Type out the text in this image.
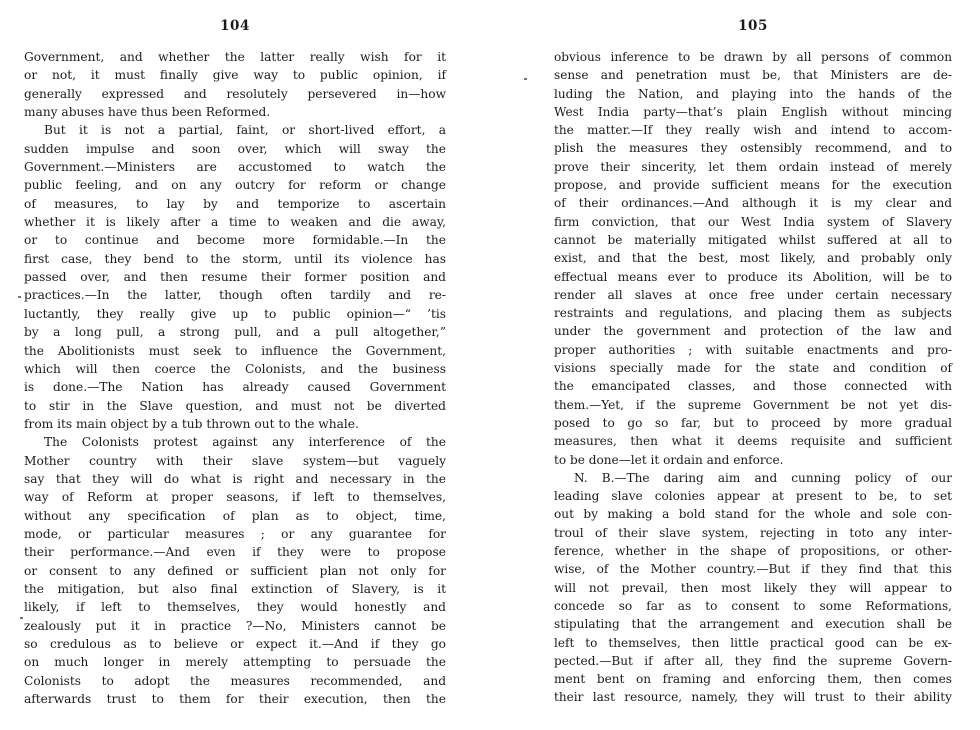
104
Government, and whether the latter really wish for it
or not, it must finally give way to public opinion, if
generally expressed and resolutely persevered in—how
many abuses have thus been Reformed.
But it is not a partial, faint, or short-lived effort, a
sudden impulse and soon over, which will sway the
Government.—Ministers are accustomed to watch the
public feeling, and on any outcry for reform or change
of measures, to lay by and temporize to ascertain
whether it is likely after a time to weaken and die away,
or to continue and become more formidable.—In the
first case, they bend to the storm, until its violence has
passed over, and then resume their former position and
practices.—In the latter, though often tardily and re-
luctantly, they really give up to public opinion—“ ’tis
by a long pull, a strong pull, and a pull altogether,”
the Abolitionists must seek to influence the Government,
which will then coerce the Colonists, and the business
is done.—The Nation has already caused Government
to stir in the Slave question, and must not be diverted
from its main object by a tub thrown out to the whale.
The Colonists protest against any interference of the
Mother country with their slave system—but vaguely
say that they will do what is right and necessary in the
way of Reform at proper seasons, if left to themselves,
without any specification of plan as to object, time,
mode, or particular measures ; or any guarantee for
their performance.—And even if they were to propose
or consent to any defined or sufficient plan not only for
the mitigation, but also final extinction of Slavery, is it
likely, if left to themselves, they would honestly and
zealously put it in practice ?—No, Ministers cannot be
so credulous as to believe or expect it.—And if they go
on much longer in merely attempting to persuade the
Colonists to adopt the measures recommended, and
afterwards trust to them for their execution, then the
105
obvious inference to be drawn by all persons of common
sense and penetration must be, that Ministers are de-
luding the Nation, and playing into the hands of the
West India party—that’s plain English without mincing
the matter.—If they really wish and intend to accom-
plish the measures they ostensibly recommend, and to
prove their sincerity, let them ordain instead of merely
propose, and provide sufficient means for the execution
of their ordinances.—And although it is my clear and
firm conviction, that our West India system of Slavery
cannot be materially mitigated whilst suffered at all to
exist, and that the best, most likely, and probably only
effectual means ever to produce its Abolition, will be to
render all slaves at once free under certain necessary
restraints and regulations, and placing them as subjects
under the government and protection of the law and
proper authorities ; with suitable enactments and pro-
visions specially made for the state and condition of
the emancipated classes, and those connected with
them.—Yet, if the supreme Government be not yet dis-
posed to go so far, but to proceed by more gradual
measures, then what it deems requisite and sufficient
to be done—let it ordain and enforce.
N. B.—The daring aim and cunning policy of our
leading slave colonies appear at present to be, to set
out by making a bold stand for the whole and sole con-
troul of their slave system, rejecting in toto any inter-
ference, whether in the shape of propositions, or other-
wise, of the Mother country.—But if they find that this
will not prevail, then most likely they will appear to
concede so far as to consent to some Reformations,
stipulating that the arrangement and execution shall be
left to themselves, then little practical good can be ex-
pected.—But if after all, they find the supreme Govern-
ment bent on framing and enforcing them, then comes
their last resource, namely, they will trust to their ability
